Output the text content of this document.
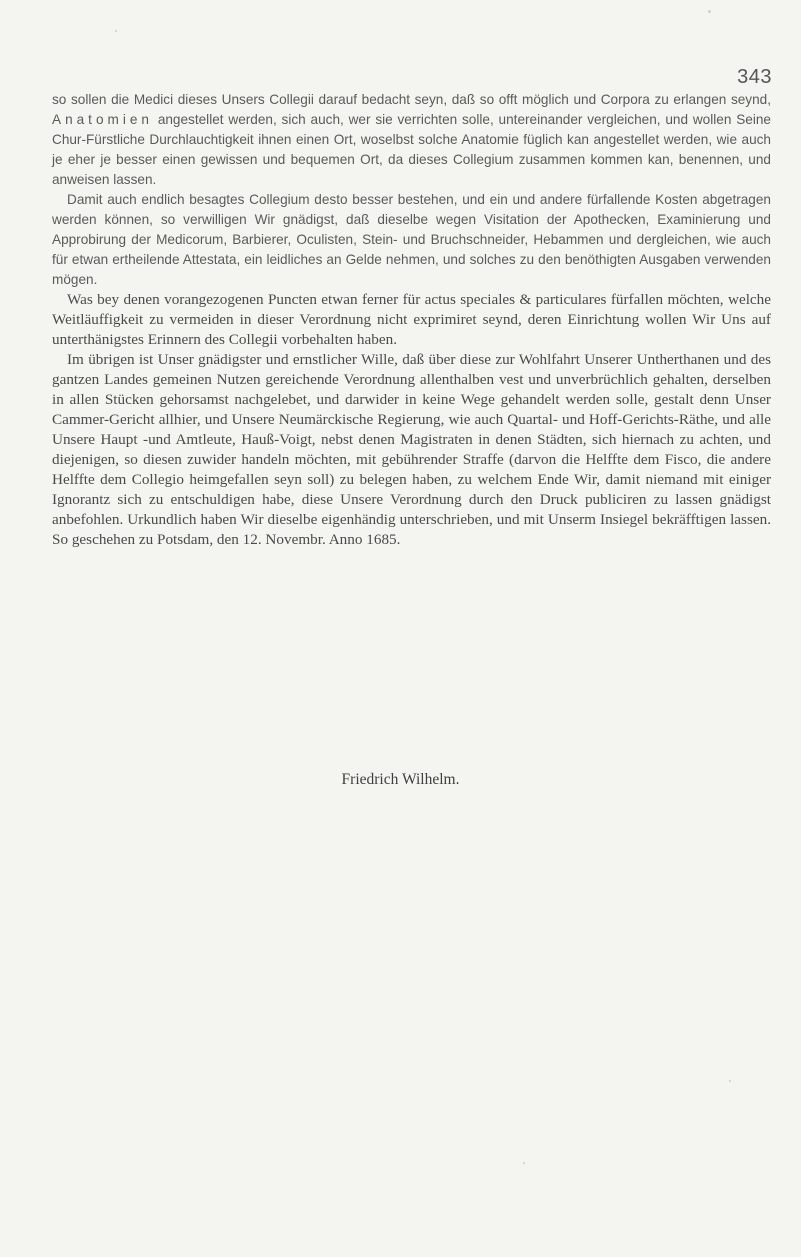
343

so sollen die Medici dieses Unsers Collegii darauf bedacht seyn, daß so offt möglich und Corpora zu erlangen seynd, Anatomien angestellet werden, sich auch, wer sie verrichten solle, untereinander vergleichen, und wollen Seine Chur-Fürstliche Durchlauchtigkeit ihnen einen Ort, woselbst solche Anatomie füglich kan angestellet werden, wie auch je eher je besser einen gewissen und bequemen Ort, da dieses Collegium zusammen kommen kan, benennen, und anweisen lassen.

Damit auch endlich besagtes Collegium desto besser bestehen, und ein und andere fürfallende Kosten abgetragen werden können, so verwilligen Wir gnädigst, daß dieselbe wegen Visitation der Apothecken, Examinierung und Approbirung der Medicorum, Barbierer, Oculisten, Stein- und Bruchschneider, Hebammen und dergleichen, wie auch für etwan ertheilende Attestata, ein leidliches an Gelde nehmen, und solches zu den benöthigten Ausgaben verwenden mögen.

Was bey denen vorangezogenen Puncten etwan ferner für actus speciales & particulares fürfallen möchten, welche Weitläuffigkeit zu vermeiden in dieser Verordnung nicht exprimiret seynd, deren Einrichtung wollen Wir Uns auf unterthänigstes Erinnern des Collegii vorbehalten haben.

Im übrigen ist Unser gnädigster und ernstlicher Wille, daß über diese zur Wohlfahrt Unserer Untherthanen und des gantzen Landes gemeinen Nutzen gereichende Verordnung allenthalben vest und unverbrüchlich gehalten, derselben in allen Stücken gehorsamst nachgelebet, und darwider in keine Wege gehandelt werden solle, gestalt denn Unser Cammer-Gericht allhier, und Unsere Neumärckische Regierung, wie auch Quartal- und Hoff-Gerichts-Räthe, und alle Unsere Haupt -und Amtleute, Hauß-Voigt, nebst denen Magistraten in denen Städten, sich hiernach zu achten, und diejenigen, so diesen zuwider handeln möchten, mit gebührender Straffe (darvon die Helffte dem Fisco, die andere Helffte dem Collegio heimgefallen seyn soll) zu belegen haben, zu welchem Ende Wir, damit niemand mit einiger Ignorantz sich zu entschuldigen habe, diese Unsere Verordnung durch den Druck publiciren zu lassen gnädigst anbefohlen. Urkundlich haben Wir dieselbe eigenhändig unterschrieben, und mit Unserm Insiegel bekräfftigen lassen. So geschehen zu Potsdam, den 12. Novembr. Anno 1685.

Friedrich Wilhelm.
